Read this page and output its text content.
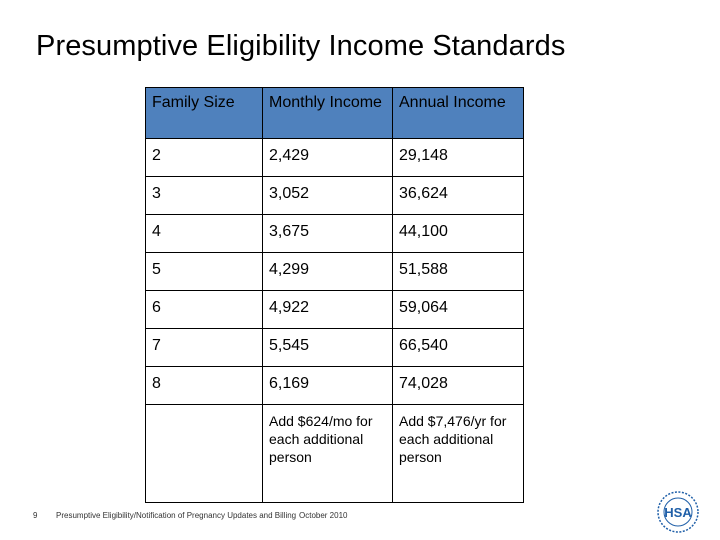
Presumptive Eligibility Income Standards
Family Size	Monthly Income	Annual Income
2	2,429	29,148
3	3,052	36,624
4	3,675	44,100
5	4,299	51,588
6	4,922	59,064
7	5,545	66,540
8	6,169	74,028
	Add $624/mo for each additional person	Add $7,476/yr for each additional person
9 Presumptive Eligibility/Notification of Pregnancy Updates and Billing October 2010	HSA
